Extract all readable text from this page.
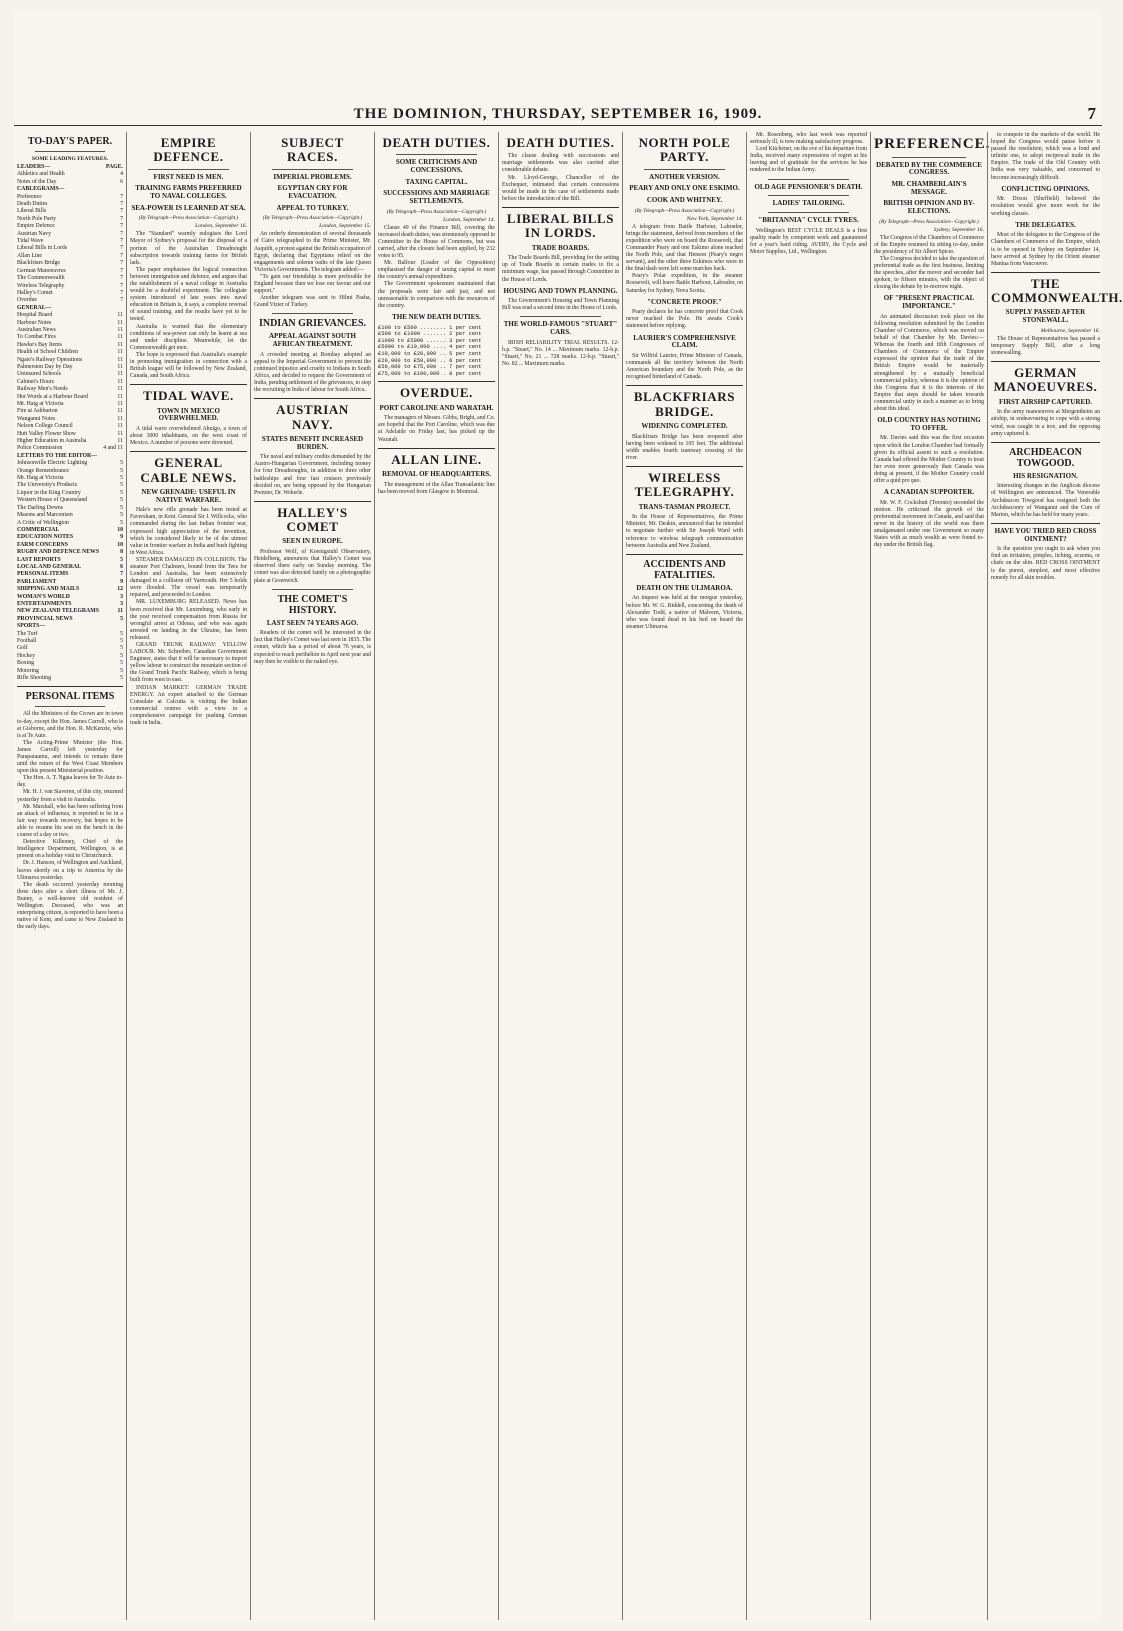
THE DOMINION, THURSDAY, SEPTEMBER 16, 1909.	7
TO-DAY'S PAPER.
SOME LEADING FEATURES.
LEADERS—	PAGE.
Athletics and Health	4
Notes of the Day	6
CABLEGRAMS—
Preference	7
Death Duties	7
Liberal Bills	7
North Pole Party	7
Empire Defence	7
Austrian Navy	7
Tidal Wave	7
Liberal Bills in Lords	7
Allan Line	7
Blackfriars Bridge	7
German Manoeuvres	7
The Commonwealth	7
Wireless Telegraphy	7
Halley's Comet	7
Overdue	7
GENERAL—
Hospital Board	11
Harbour Notes	11
Australian News	11
To Combat Fires	11
Hawke's Bay Items	11
Health of School Children	11
Ngaio's Railway Operations	11
Palmerston Day by Day	11
Uninsured Schools	11
Cabinet's Hours	11
Railway Men's Needs	11
Hot Words at a Harbour Board	11
Mr. Haig at Victoria	11
Fire at Ashburton	11
Wanganui Notes	11
Nelson College Council	11
Hutt Valley Flower Show	11
Higher Education in Australia	11
Police Commission	4 and 11
LETTERS TO THE EDITOR—
Johnsonville Electric Lighting	5
Orange Remembrance	5
Mr. Haig at Victoria	5
The University's Products	5
Liquor in the King Country	5
Western House of Queensland	5
The Darling Downs	5
Masons and Marconism	5
A Critic of Wellington	5
COMMERCIAL	10
EDUCATION NOTES	9
FARM CONCERNS	10
RUGBY AND DEFENCE NEWS	8
LAST REPORTS	5
LOCAL AND GENERAL	6
PERSONAL ITEMS	7
PARLIAMENT	9
SHIPPING AND MAILS	12
WOMAN'S WORLD	3
ENTERTAINMENTS	3
NEW ZEALAND TELEGRAMS	11
PROVINCIAL NEWS	5
SPORTS—
The Turf	5
Football	5
Golf	5
Hockey	5
Boxing	5
Motoring	5
Rifle Shooting	5
PERSONAL ITEMS

All the Ministers of the Crown are in town to-day, except the Hon. James Carroll, who is at Gisborne, and the Hon. R. McKenzie, who is at Te Aute.

The Acting-Prime Minister (the Hon. James Carroll) left yesterday for Paraparaumu, and intends to remain there until the return of the West Coast Members upon this present Ministerial position.

The Hon. A. T. Ngata leaves for Te Aute to-day.

Mr. H. J. van Staveren, of this city, returned yesterday from a visit to Australia.

Mr. Marshall, who has been suffering from an attack of influenza, is reported to be in a fair way towards recovery, but hopes to be able to resume his seat on the bench in the course of a day or two.

Detective Kilhoney, Chief of the Intelligence Department, Wellington, is at present on a holiday visit to Christchurch.

Dr. J. Hanson, of Wellington and Auckland, leaves shortly on a trip to America by the Ulimaroa yesterday.

The death occurred yesterday morning three days after a short illness of Mr. J. Bunny, a well-known old resident of Wellington. Deceased, who was an enterprising citizen, is reported to have been a native of Kent, and came to New Zealand in the early days.

EMPIRE DEFENCE.
FIRST NEED IS MEN.
TRAINING FARMS PREFERRED TO NAVAL COLLEGES.
SEA-POWER IS LEARNED AT SEA.
(By Telegraph—Press Association—Copyright.)
London, September 16.

The "Standard" warmly eulogises the Lord Mayor of Sydney's proposal for the disposal of a portion of the Australian Dreadnought subscription towards training farms for British lads.

The paper emphasises the logical connection between immigration and defence, and argues that the establishment of a naval college in Australia would be a doubtful experiment. The collegiate system introduced of late years into naval education in Britain is, it says, a complete reversal of sound training, and the results have yet to be tested.

Australia is warned that the elementary conditions of sea-power can only be learnt at sea and under discipline. Meanwhile, let the Commonwealth get men.

The hope is expressed that Australia's example in promoting immigration in connection with a British league will be followed by New Zealand, Canada, and South Africa.

TIDAL WAVE.
TOWN IN MEXICO OVERWHELMED.

A tidal wave overwhelmed Ahuigo, a town of about 3000 inhabitants, on the west coast of Mexico. A number of persons were drowned.

GENERAL CABLE NEWS.
NEW GRENADE: USEFUL IN NATIVE WARFARE.

Hale's new rifle grenade has been tested at Faversham, in Kent. General Sir J. Willcocks, who commanded during the last Indian frontier war, expressed high appreciation of the invention, which he considered likely to be of the utmost value in frontier warfare in India and bush fighting in West Africa.

STEAMER DAMAGED IN COLLISION. The steamer Port Chalmers, bound from the Tees for London and Australia, has been extensively damaged in a collision off Yarmouth. Her 5 holds were flooded. The vessel was temporarily repaired, and proceeded to London.

MR. LUXEMBURG RELEASED. News has been received that Mr. Luxemburg, who early in the year received compensation from Russia for wrongful arrest at Odessa, and who was again arrested on landing in the Ukraine, has been released.

GRAND TRUNK RAILWAY: YELLOW LABOUR. Mr. Schreiber, Canadian Government Engineer, states that it will be necessary to import yellow labour to construct the mountain section of the Grand Trunk Pacific Railway, which is being built from west to east.

INDIAN MARKET: GERMAN TRADE ENERGY. An expert attached to the German Consulate at Calcutta is visiting the Indian commercial centres with a view to a comprehensive campaign for pushing German trade in India.

SUBJECT RACES.
IMPERIAL PROBLEMS.
EGYPTIAN CRY FOR EVACUATION.
APPEAL TO TURKEY.
(By Telegraph—Press Association—Copyright.)
London, September 15.

An orderly demonstration of several thousands of Cairo telegraphed to the Prime Minister, Mr. Asquith, a protest against the British occupation of Egypt, declaring that Egyptians relied on the engagements and solemn oaths of the late Queen Victoria's Governments. The telegram added:—

"To gain our friendship is more preferable for England because then we lose our favour and our support."

Another telegram was sent to Hilmi Pasha, Grand Vizier of Turkey.

INDIAN GRIEVANCES.
APPEAL AGAINST SOUTH AFRICAN TREATMENT.

A crowded meeting at Bombay adopted an appeal to the Imperial Government to prevent the continued injustice and cruelty to Indians in South Africa, and decided to request the Government of India, pending settlement of the grievances, to stop the recruiting in India of labour for South Africa.

AUSTRIAN NAVY.
STATES BENEFIT INCREASED BURDEN.

The naval and military credits demanded by the Austro-Hungarian Government, including money for four Dreadnoughts, in addition to three other battleships and four fast cruisers previously decided on, are being opposed by the Hungarian Premier, Dr. Wekerle.

HALLEY'S COMET
SEEN IN EUROPE.

Professor Wolf, of Koenigstuhl Observatory, Heidelberg, announces that Halley's Comet was observed there early on Sunday morning. The comet was also detected faintly on a photographic plate at Greenwich.

THE COMET'S HISTORY.
LAST SEEN 74 YEARS AGO.

Readers of the comet will be interested in the fact that Halley's Comet was last seen in 1835. The comet, which has a period of about 76 years, is expected to reach perihelion in April next year and may then be visible to the naked eye.

DEATH DUTIES.
SOME CRITICISMS AND CONCESSIONS.
TAXING CAPITAL.
SUCCESSIONS AND MARRIAGE SETTLEMENTS.
(By Telegraph—Press Association—Copyright.)
London, September 14.

Clause 49 of the Finance Bill, covering the increased death duties, was strenuously opposed in Committee in the House of Commons, but was carried, after the closure had been applied, by 232 votes to 95.

Mr. Balfour (Leader of the Opposition) emphasised the danger of taxing capital to meet the country's annual expenditure.

The Government spokesmen maintained that the proposals were fair and just, and not unreasonable in comparison with the resources of the country.

THE NEW DEATH DUTIES.
£100 to £500 ........ 1 per cent
£500 to £1000 ....... 2 per cent
£1000 to £5000 ...... 3 per cent
£5000 to £10,000 .... 4 per cent
£10,000 to £20,000 .. 5 per cent
£20,000 to £50,000 .. 6 per cent
£50,000 to £75,000 .. 7 per cent
£75,000 to £100,000 . 8 per cent
OVERDUE.
PORT CAROLINE AND WARATAH.

The managers of Messrs. Gibbs, Bright, and Co. are hopeful that the Port Caroline, which was due at Adelaide on Friday last, has picked up the Waratah.

ALLAN LINE.
REMOVAL OF HEADQUARTERS.

The management of the Allan Transatlantic line has been moved from Glasgow to Montreal.

DEATH DUTIES.

The clause dealing with successions and marriage settlements was also carried after considerable debate.

Mr. Lloyd-George, Chancellor of the Exchequer, intimated that certain concessions would be made in the case of settlements made before the introduction of the Bill.

LIBERAL BILLS IN LORDS.
TRADE BOARDS.

The Trade Boards Bill, providing for the setting up of Trade Boards in certain trades to fix a minimum wage, has passed through Committee in the House of Lords.

HOUSING AND TOWN PLANNING.

The Government's Housing and Town Planning Bill was read a second time in the House of Lords.

THE WORLD-FAMOUS "STUART" CARS.

IRISH RELIABILITY TRIAL RESULTS. 12-h.p. "Stuart," No. 14 ... Maximum marks. 12-h.p. "Stuart," No. 21 ... 728 marks. 12-h.p. "Stuart," No. 82 ... Maximum marks.

NORTH POLE PARTY.
ANOTHER VERSION.
PEARY AND ONLY ONE ESKIMO.
COOK AND WHITNEY.
(By Telegraph—Press Association—Copyright.)
New York, September 14.

A telegram from Battle Harbour, Labrador, brings the statement, derived from members of the expedition who were on board the Roosevelt, that Commander Peary and one Eskimo alone reached the North Pole, and that Henson (Peary's negro servant), and the other three Eskimos who were in the final dash were left some marches back.

Peary's Polar expedition, in the steamer Roosevelt, will leave Battle Harbour, Labrador, on Saturday for Sydney, Nova Scotia.

"CONCRETE PROOF."

Peary declares he has concrete proof that Cook never reached the Pole. He awaits Cook's statement before replying.

LAURIER'S COMPREHENSIVE CLAIM.

Sir Wilfrid Laurier, Prime Minister of Canada, commands all the territory between the North American boundary and the North Pole, as the recognised hinterland of Canada.

BLACKFRIARS BRIDGE.
WIDENING COMPLETED.

Blackfriars Bridge has been reopened after having been widened to 105 feet. The additional width enables fourth tramway crossing of the river.

WIRELESS TELEGRAPHY.
TRANS-TASMAN PROJECT.

In the House of Representatives, the Prime Minister, Mr. Deakin, announced that he intended to negotiate further with Sir Joseph Ward with reference to wireless telegraph communication between Australia and New Zealand.

ACCIDENTS AND FATALITIES.
DEATH ON THE ULIMAROA.

An inquest was held at the morgue yesterday, before Mr. W. G. Riddell, concerning the death of Alexander Todd, a native of Malvern, Victoria, who was found dead in his bed on board the steamer Ulimaroa.

Mr. Rosenberg, who last week was reported seriously ill, is now making satisfactory progress.

Lord Kitchener, on the eve of his departure from India, received many expressions of regret at his leaving and of gratitude for the services he has rendered to the Indian Army.

OLD AGE PENSIONER'S DEATH.
LADIES' TAILORING.
"BRITANNIA" CYCLE TYRES.

Wellington's BEST CYCLE DEALS is a first quality made by competent work and guaranteed for a year's hard riding. AVERY, the Cycle and Motor Supplies, Ltd., Wellington.

PREFERENCE.
DEBATED BY THE COMMERCE CONGRESS.
MR. CHAMBERLAIN'S MESSAGE.
BRITISH OPINION AND BY-ELECTIONS.
(By Telegraph—Press Association—Copyright.)
Sydney, September 16.

The Congress of the Chambers of Commerce of the Empire resumed its sitting to-day, under the presidency of Sir Albert Spicer.

The Congress decided to take the question of preferential trade as the first business, limiting the speeches, after the mover and seconder had spoken, to fifteen minutes, with the object of closing the debate by to-morrow night.

OF "PRESENT PRACTICAL IMPORTANCE."

An animated discussion took place on the following resolution submitted by the London Chamber of Commerce, which was moved on behalf of that Chamber by Mr. Davies:— Whereas the fourth and fifth Congresses of Chambers of Commerce of the Empire expressed the opinion that the trade of the British Empire would be materially strengthened by a mutually beneficial commercial policy, whereas it is the opinion of this Congress that it is the interests of the Empire that steps should be taken towards commercial unity in such a manner as to bring about this ideal.

OLD COUNTRY HAS NOTHING TO OFFER.

Mr. Davies said this was the first occasion upon which the London Chamber had formally given its official assent to such a resolution. Canada had offered the Mother Country to treat her even more generously than Canada was doing at present, if the Mother Country could offer a quid pro quo.

A CANADIAN SUPPORTER.

Mr. W. F. Cockshutt (Toronto) seconded the motion. He criticised the growth of the preferential movement in Canada, and said that never in the history of the world was there amalgamated under one Government so many States with as much wealth as were found to-day under the British flag.

to compete in the markets of the world. He hoped the Congress would pause before it passed the resolution, which was a fond and infinite one, to adopt reciprocal trade in the Empire. The trade of the Old Country with India was very valuable, and concerned to become increasingly difficult.

CONFLICTING OPINIONS.

Mr. Dixon (Sheffield) believed the resolution would give more work for the working classes.

THE DELEGATES.

Most of the delegates to the Congress of the Chambers of Commerce of the Empire, which is to be opened in Sydney on September 14, have arrived at Sydney by the Orient steamer Mantua from Vancouver.

THE COMMONWEALTH.
SUPPLY PASSED AFTER STONEWALL.
Melbourne, September 16.

The House of Representatives has passed a temporary Supply Bill, after a long stonewalling.

GERMAN MANOEUVRES.
FIRST AIRSHIP CAPTURED.

In the army manoeuvres at Mergentheim an airship, in endeavouring to cope with a strong wind, was caught in a tree, and the opposing army captured it.

ARCHDEACON TOWGOOD.
HIS RESIGNATION.

Interesting changes in the Anglican diocese of Wellington are announced. The Venerable Archdeacon Towgood has resigned both the Archdeaconry of Wanganui and the Cure of Marton, which he has held for many years.

HAVE YOU TRIED RED CROSS OINTMENT?

Is the question you ought to ask when you find an irritation, pimples, itching, eczema, or chafe on the skin. RED CROSS OINTMENT is the purest, simplest, and most effective remedy for all skin troubles.
